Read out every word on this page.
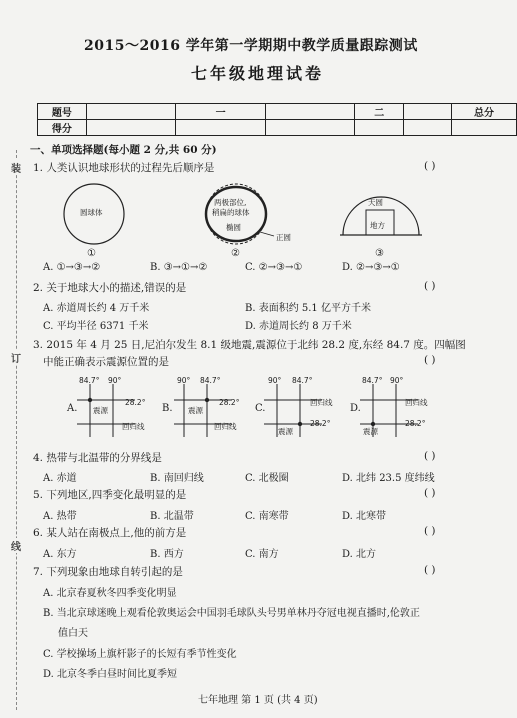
2015～2016 学年第一学期期中教学质量跟踪测试
七年级地理试卷
题号		一		二		总分
得分						
装
订
线
一、单项选择题(每小题 2 分,共 60 分)
1. 人类认识地球形状的过程先后顺序是	( )
圆球体
①
两极部位,
稍扁的球体
椭圆
正圆
②
天圆
地方
③
A. ①→③→②	B. ③→①→②	C. ②→③→①	D. ②→③→①
2. 关于地球大小的描述,错误的是	( )
A. 赤道周长约 4 万千米	B. 表面积约 5.1 亿平方千米
C. 平均半径 6371 千米	D. 赤道周长约 8 万千米
3. 2015 年 4 月 25 日,尼泊尔发生 8.1 级地震,震源位于北纬 28.2 度,东经 84.7 度。四幅图
中能正确表示震源位置的是	( )
A.
84.7° 90°
28.2°
震源
回归线
B.
90° 84.7°
28.2°
震源
回归线
C.
90° 84.7°
回归线
28.2°
震源
D.
84.7° 90°
回归线
28.2°
震源
4. 热带与北温带的分界线是	( )
A. 赤道	B. 南回归线	C. 北极圈	D. 北纬 23.5 度纬线
5. 下列地区,四季变化最明显的是	( )
A. 热带	B. 北温带	C. 南寒带	D. 北寒带
6. 某人站在南极点上,他的前方是	( )
A. 东方	B. 西方	C. 南方	D. 北方
7. 下列现象由地球自转引起的是	( )
A. 北京春夏秋冬四季变化明显
B. 当北京球迷晚上观看伦敦奥运会中国羽毛球队头号男单林丹夺冠电视直播时,伦敦正
值白天
C. 学校操场上旗杆影子的长短有季节性变化
D. 北京冬季白昼时间比夏季短
七年地理 第 1 页 (共 4 页)
